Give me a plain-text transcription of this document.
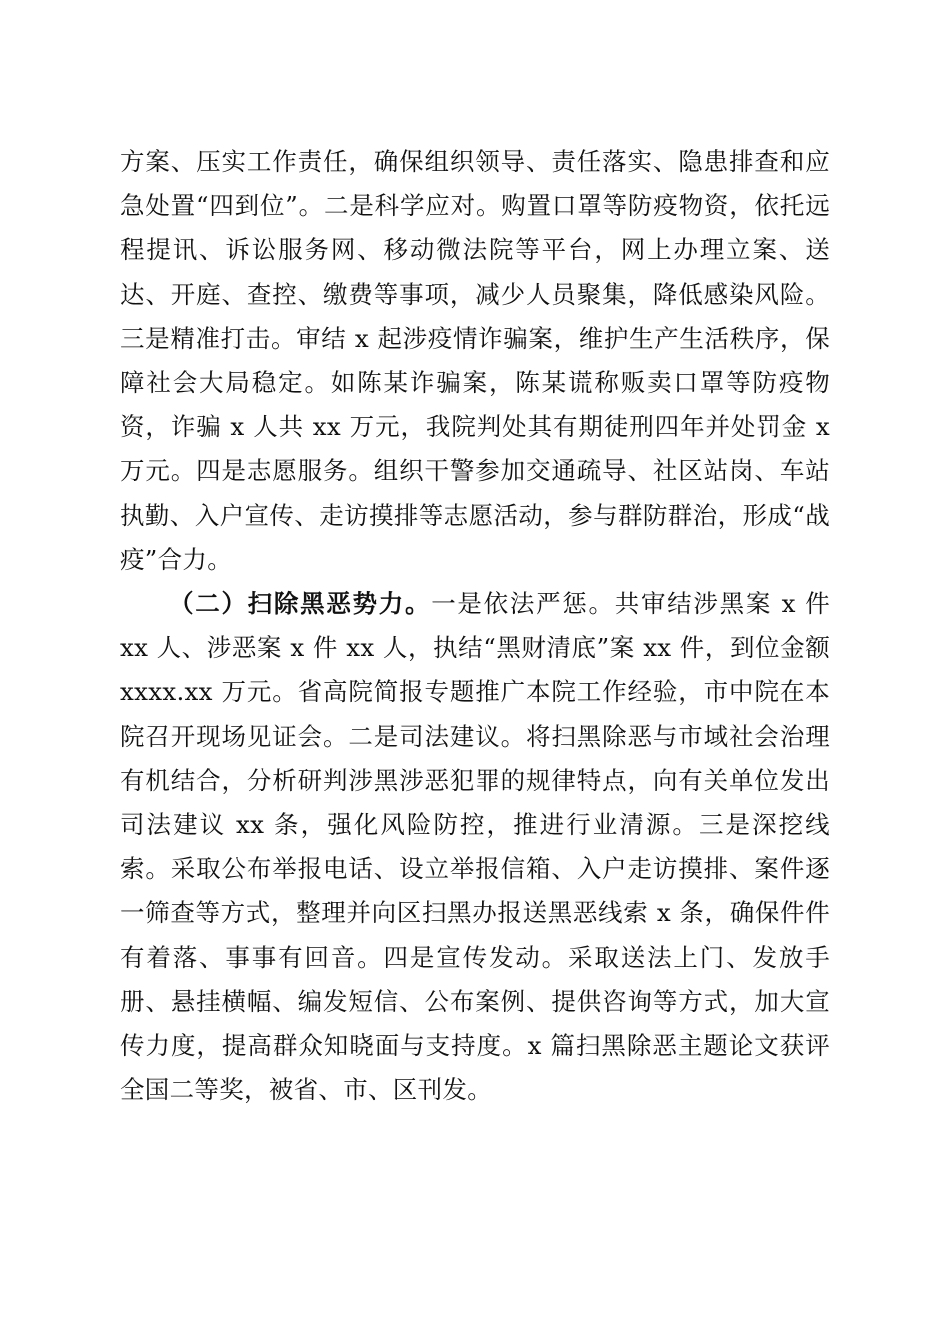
方案、压实工作责任，确保组织领导、责任落实、隐患排查和应急处置“四到位”。二是科学应对。购置口罩等防疫物资，依托远程提讯、诉讼服务网、移动微法院等平台，网上办理立案、送达、开庭、查控、缴费等事项，减少人员聚集，降低感染风险。三是精准打击。审结 x 起涉疫情诈骗案，维护生产生活秩序，保障社会大局稳定。如陈某诈骗案，陈某谎称贩卖口罩等防疫物资，诈骗 x 人共 xx 万元，我院判处其有期徒刑四年并处罚金 x 万元。四是志愿服务。组织干警参加交通疏导、社区站岗、车站执勤、入户宣传、走访摸排等志愿活动，参与群防群治，形成“战疫”合力。

（二）扫除黑恶势力。一是依法严惩。共审结涉黑案 x 件 xx 人、涉恶案 x 件 xx 人，执结“黑财清底”案 xx 件，到位金额 xxxx.xx 万元。省高院简报专题推广本院工作经验，市中院在本院召开现场见证会。二是司法建议。将扫黑除恶与市域社会治理有机结合，分析研判涉黑涉恶犯罪的规律特点，向有关单位发出司法建议 xx 条，强化风险防控，推进行业清源。三是深挖线索。采取公布举报电话、设立举报信箱、入户走访摸排、案件逐一筛查等方式，整理并向区扫黑办报送黑恶线索 x 条，确保件件有着落、事事有回音。四是宣传发动。采取送法上门、发放手册、悬挂横幅、编发短信、公布案例、提供咨询等方式，加大宣传力度，提高群众知晓面与支持度。x 篇扫黑除恶主题论文获评全国二等奖，被省、市、区刊发。
